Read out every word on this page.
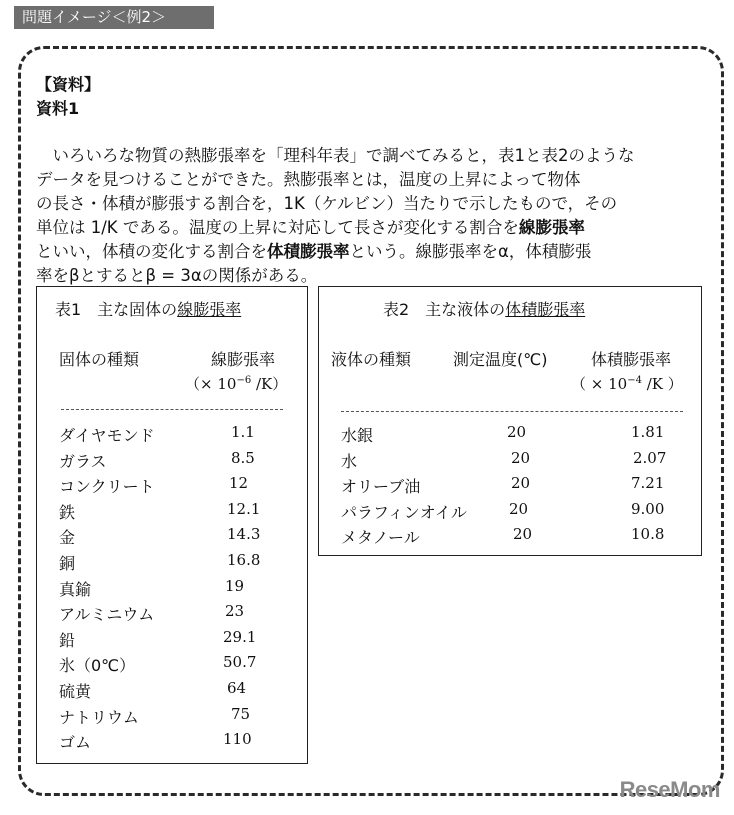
問題イメージ＜例2＞
【資料】
資料1

　いろいろな物質の熱膨張率を「理科年表」で調べてみると，表1と表2のような
データを見つけることができた。熱膨張率とは，温度の上昇によって物体
の長さ・体積が膨張する割合を，1K（ケルビン）当たりで示したもので，その
単位は 1/K である。温度の上昇に対応して長さが変化する割合を線膨張率
といい，体積の変化する割合を体積膨張率という。線膨張率をα，体積膨張
率をβとするとβ = 3αの関係がある。

表1　主な固体の線膨張率
固体の種類	線膨張率
（× $10^{-6}$ /K）
ダイヤモンド	1.1
ガラス	8.5
コンクリート	12
鉄	12.1
金	14.3
銅	16.8
真鍮	19
アルミニウム	23
鉛	29.1
氷（0℃）	50.7
硫黄	64
ナトリウム	75
ゴム	110
表2　主な液体の体積膨張率
液体の種類	測定温度(℃)	体積膨張率
（ × $10^{-4}$ /K ）
水銀	20	1.81
水	20	2.07
オリーブ油	20	7.21
パラフィンオイル	20	9.00
メタノール	20	10.8
ReseMom
